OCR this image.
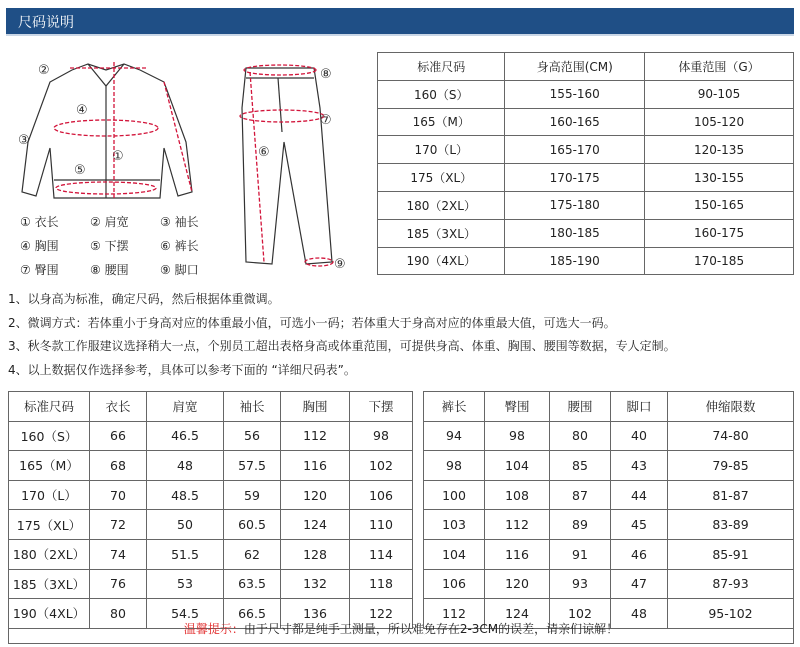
尺码说明
②
③
④
①
⑤
⑥
⑧
⑦
⑨
① 衣长	② 肩宽	③ 袖长
④ 胸围	⑤ 下摆	⑥ 裤长
⑦ 臀围	⑧ 腰围	⑨ 脚口
标准尺码	身高范围(CM)	体重范围（G）
160（S）	155-160	90-105
165（M）	160-165	105-120
170（L）	165-170	120-135
175（XL）	170-175	130-155
180（2XL）	175-180	150-165
185（3XL）	180-185	160-175
190（4XL）	185-190	170-185
1、以身高为标准，确定尺码，然后根据体重微调。
2、微调方式：若体重小于身高对应的体重最小值，可选小一码；若体重大于身高对应的体重最大值，可选大一码。
3、秋冬款工作服建议选择稍大一点，个别员工超出表格身高或体重范围，可提供身高、体重、胸围、腰围等数据，专人定制。
4、以上数据仅作选择参考，具体可以参考下面的 “详细尺码表”。
标准尺码	衣长	肩宽	袖长	胸围	下摆		裤长	臀围	腰围	脚口	伸缩限数
160（S）	66	46.5	56	112	98		94	98	80	40	74-80
165（M）	68	48	57.5	116	102		98	104	85	43	79-85
170（L）	70	48.5	59	120	106		100	108	87	44	81-87
175（XL）	72	50	60.5	124	110		103	112	89	45	83-89
180（2XL）	74	51.5	62	128	114		104	116	91	46	85-91
185（3XL）	76	53	63.5	132	118		106	120	93	47	87-93
190（4XL）	80	54.5	66.5	136	122		112	124	102	48	95-102
温馨提示：由于尺寸都是纯手工测量，所以难免存在2-3CM的误差，请亲们谅解！
